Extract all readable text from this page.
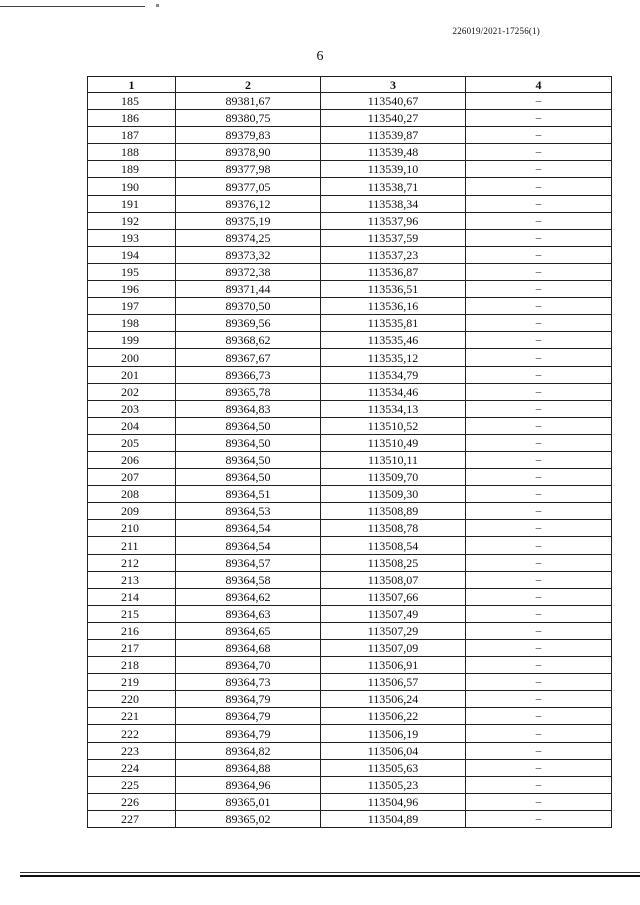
226019/2021-17256(1)
6
1	2	3	4
185	89381,67	113540,67	–
186	89380,75	113540,27	–
187	89379,83	113539,87	–
188	89378,90	113539,48	–
189	89377,98	113539,10	–
190	89377,05	113538,71	–
191	89376,12	113538,34	–
192	89375,19	113537,96	–
193	89374,25	113537,59	–
194	89373,32	113537,23	–
195	89372,38	113536,87	–
196	89371,44	113536,51	–
197	89370,50	113536,16	–
198	89369,56	113535,81	–
199	89368,62	113535,46	–
200	89367,67	113535,12	–
201	89366,73	113534,79	–
202	89365,78	113534,46	–
203	89364,83	113534,13	–
204	89364,50	113510,52	–
205	89364,50	113510,49	–
206	89364,50	113510,11	–
207	89364,50	113509,70	–
208	89364,51	113509,30	–
209	89364,53	113508,89	–
210	89364,54	113508,78	–
211	89364,54	113508,54	–
212	89364,57	113508,25	–
213	89364,58	113508,07	–
214	89364,62	113507,66	–
215	89364,63	113507,49	–
216	89364,65	113507,29	–
217	89364,68	113507,09	–
218	89364,70	113506,91	–
219	89364,73	113506,57	–
220	89364,79	113506,24	–
221	89364,79	113506,22	–
222	89364,79	113506,19	–
223	89364,82	113506,04	–
224	89364,88	113505,63	–
225	89364,96	113505,23	–
226	89365,01	113504,96	–
227	89365,02	113504,89	–
